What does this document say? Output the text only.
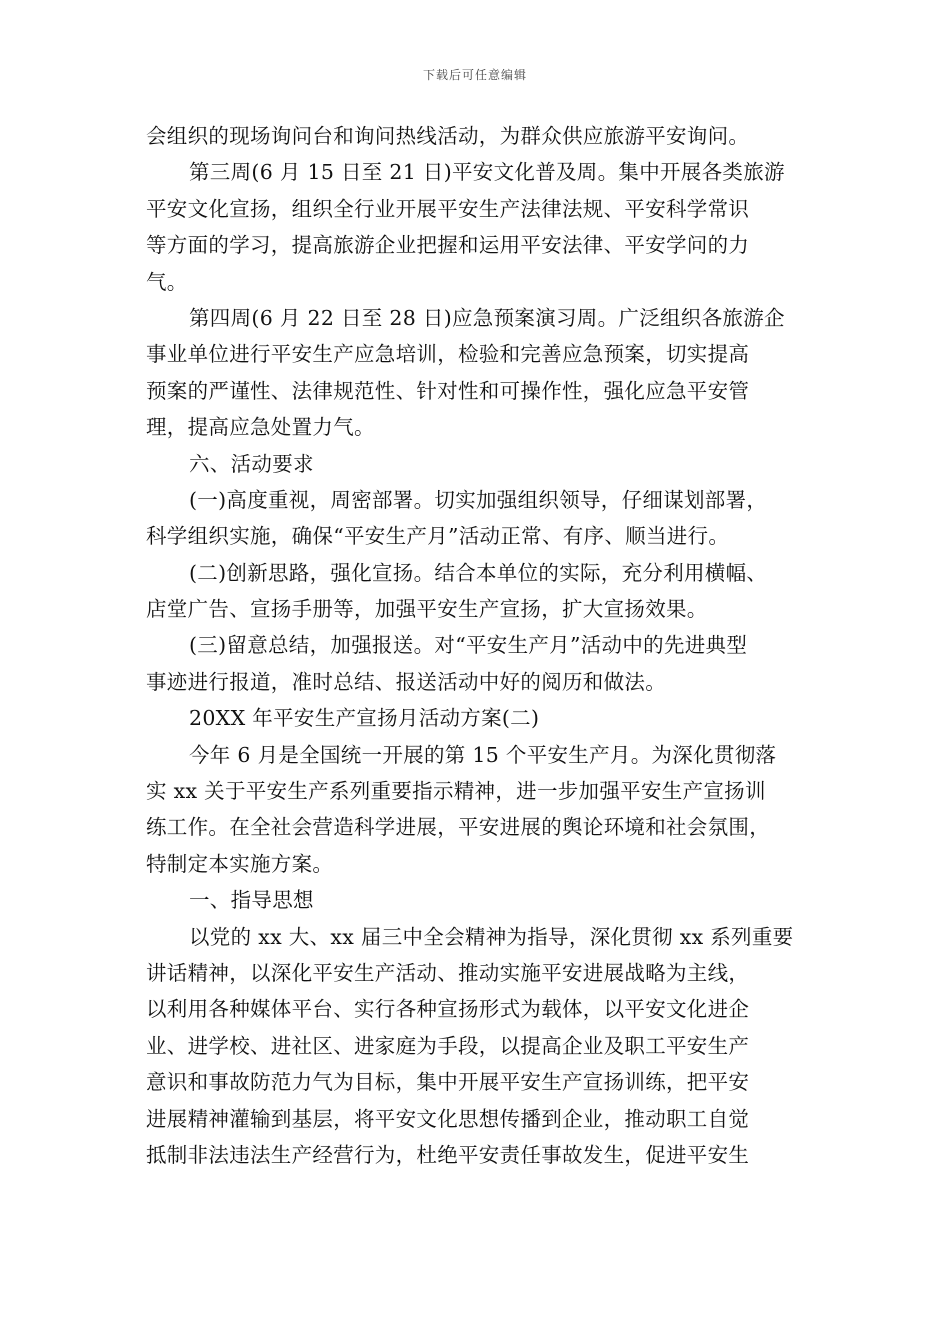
下载后可任意编辑
会组织的现场询问台和询问热线活动，为群众供应旅游平安询问。
第三周(6 月 15 日至 21 日)平安文化普及周。集中开展各类旅游
平安文化宣扬，组织全行业开展平安生产法律法规、平安科学常识
等方面的学习，提高旅游企业把握和运用平安法律、平安学问的力
气。
第四周(6 月 22 日至 28 日)应急预案演习周。广泛组织各旅游企
事业单位进行平安生产应急培训，检验和完善应急预案，切实提高
预案的严谨性、法律规范性、针对性和可操作性，强化应急平安管
理，提高应急处置力气。
六、活动要求
(一)高度重视，周密部署。切实加强组织领导，仔细谋划部署，
科学组织实施，确保“平安生产月”活动正常、有序、顺当进行。
(二)创新思路，强化宣扬。结合本单位的实际，充分利用横幅、
店堂广告、宣扬手册等，加强平安生产宣扬，扩大宣扬效果。
(三)留意总结，加强报送。对“平安生产月”活动中的先进典型
事迹进行报道，准时总结、报送活动中好的阅历和做法。
20XX 年平安生产宣扬月活动方案(二)
今年 6 月是全国统一开展的第 15 个平安生产月。为深化贯彻落
实 xx 关于平安生产系列重要指示精神，进一步加强平安生产宣扬训
练工作。在全社会营造科学进展，平安进展的舆论环境和社会氛围，
特制定本实施方案。
一、指导思想
以党的 xx 大、xx 届三中全会精神为指导，深化贯彻 xx 系列重要
讲话精神，以深化平安生产活动、推动实施平安进展战略为主线，
以利用各种媒体平台、实行各种宣扬形式为载体，以平安文化进企
业、进学校、进社区、进家庭为手段，以提高企业及职工平安生产
意识和事故防范力气为目标，集中开展平安生产宣扬训练，把平安
进展精神灌输到基层，将平安文化思想传播到企业，推动职工自觉
抵制非法违法生产经营行为，杜绝平安责任事故发生，促进平安生
